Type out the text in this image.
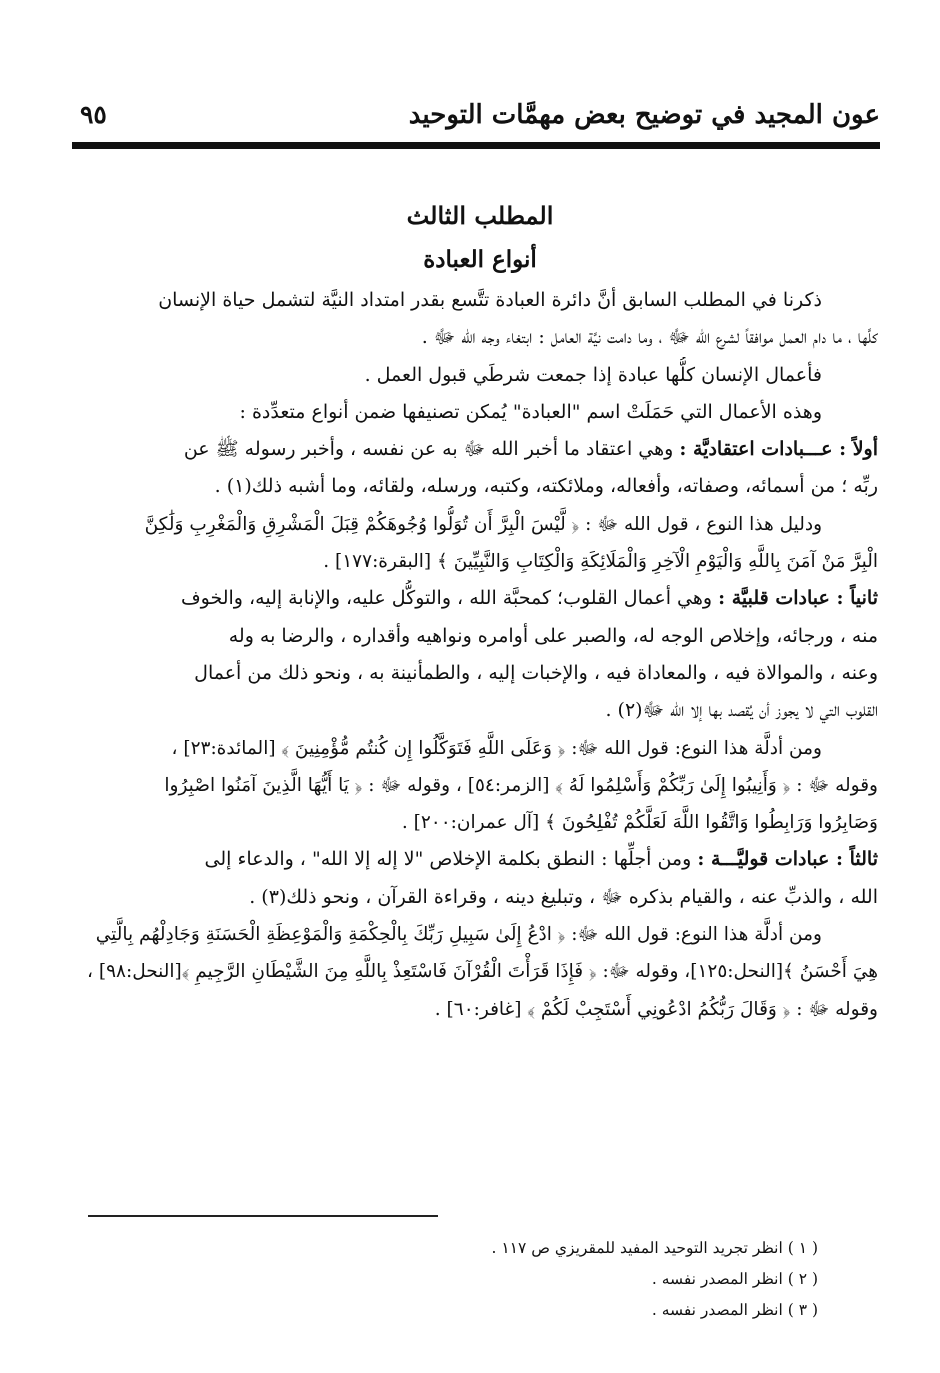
عون المجيد في توضيح بعض مهمَّات التوحيد
٩٥
المطلب الثالث
أنواع العبادة
ذكرنا في المطلب السابق أنَّ دائرة العبادة تتَّسع بقدر امتداد النيَّة لتشمل حياة الإنسان
كلَّها ، ما دام العمل موافقاً لشرع الله ﷻ ، وما دامت نيَّة العامل : ابتغاء وجه الله ﷻ .
فأعمال الإنسان كلُّها عبادة إذا جمعت شرطَي قبول العمل .
وهذه الأعمال التي حَمَلَتْ اسم "العبادة" يُمكن تصنيفها ضمن أنواع متعدِّدة :
أولاً : عـــبادات اعتقاديَّة : وهي اعتقاد ما أخبر الله ﷻ به عن نفسه ، وأخبر رسوله ﷺ عن
ربِّه ؛ من أسمائه، وصفاته، وأفعاله، وملائكته، وكتبه، ورسله، ولقائه، وما أشبه ذلك(١) .
ودليل هذا النوع ، قول الله ﷻ : ﴿ لَّيْسَ الْبِرَّ أَن تُوَلُّوا وُجُوهَكُمْ قِبَلَ الْمَشْرِقِ وَالْمَغْرِبِ وَلَٰكِنَّ
الْبِرَّ مَنْ آمَنَ بِاللَّهِ وَالْيَوْمِ الْآخِرِ وَالْمَلَائِكَةِ وَالْكِتَابِ وَالنَّبِيِّينَ ﴾ [البقرة:١٧٧] .
ثانياً : عبادات قلبيَّة : وهي أعمال القلوب؛ كمحبَّة الله ، والتوكُّل عليه، والإنابة إليه، والخوف
منه ، ورجائه، وإخلاص الوجه له، والصبر على أوامره ونواهيه وأقداره ، والرضا به وله
وعنه ، والموالاة فيه ، والمعاداة فيه ، والإخبات إليه ، والطمأنينة به ، ونحو ذلك من أعمال
القلوب التي لا يجوز أن يُقصد بها إلا الله ﷻ(٢) .
ومن أدلَّة هذا النوع: قول الله ﷻ: ﴿ وَعَلَى اللَّهِ فَتَوَكَّلُوا إِن كُنتُم مُّؤْمِنِينَ ﴾ [المائدة:٢٣] ،
وقوله ﷻ : ﴿ وَأَنِيبُوا إِلَىٰ رَبِّكُمْ وَأَسْلِمُوا لَهُ ﴾ [الزمر:٥٤] ، وقوله ﷻ : ﴿ يَا أَيُّهَا الَّذِينَ آمَنُوا اصْبِرُوا
وَصَابِرُوا وَرَابِطُوا وَاتَّقُوا اللَّهَ لَعَلَّكُمْ تُفْلِحُونَ ﴾ [آل عمران:٢٠٠] .
ثالثاً : عبادات قوليَّـــة : ومن أجلِّها : النطق بكلمة الإخلاص "لا إله إلا الله" ، والدعاء إلى
الله ، والذبِّ عنه ، والقيام بذكره ﷻ ، وتبليغ دينه ، وقراءة القرآن ، ونحو ذلك(٣) .
ومن أدلَّة هذا النوع: قول الله ﷻ: ﴿ ادْعُ إِلَىٰ سَبِيلِ رَبِّكَ بِالْحِكْمَةِ وَالْمَوْعِظَةِ الْحَسَنَةِ وَجَادِلْهُم بِالَّتِي
هِيَ أَحْسَنُ ﴾[النحل:١٢٥]، وقوله ﷻ: ﴿ فَإِذَا قَرَأْتَ الْقُرْآنَ فَاسْتَعِذْ بِاللَّهِ مِنَ الشَّيْطَانِ الرَّجِيمِ ﴾[النحل:٩٨] ،
وقوله ﷻ : ﴿ وَقَالَ رَبُّكُمُ ادْعُونِي أَسْتَجِبْ لَكُمْ ﴾ [غافر:٦٠] .
( ١ ) انظر تجريد التوحيد المفيد للمقريزي ص ١١٧ .
( ٢ ) انظر المصدر نفسه .
( ٣ ) انظر المصدر نفسه .
